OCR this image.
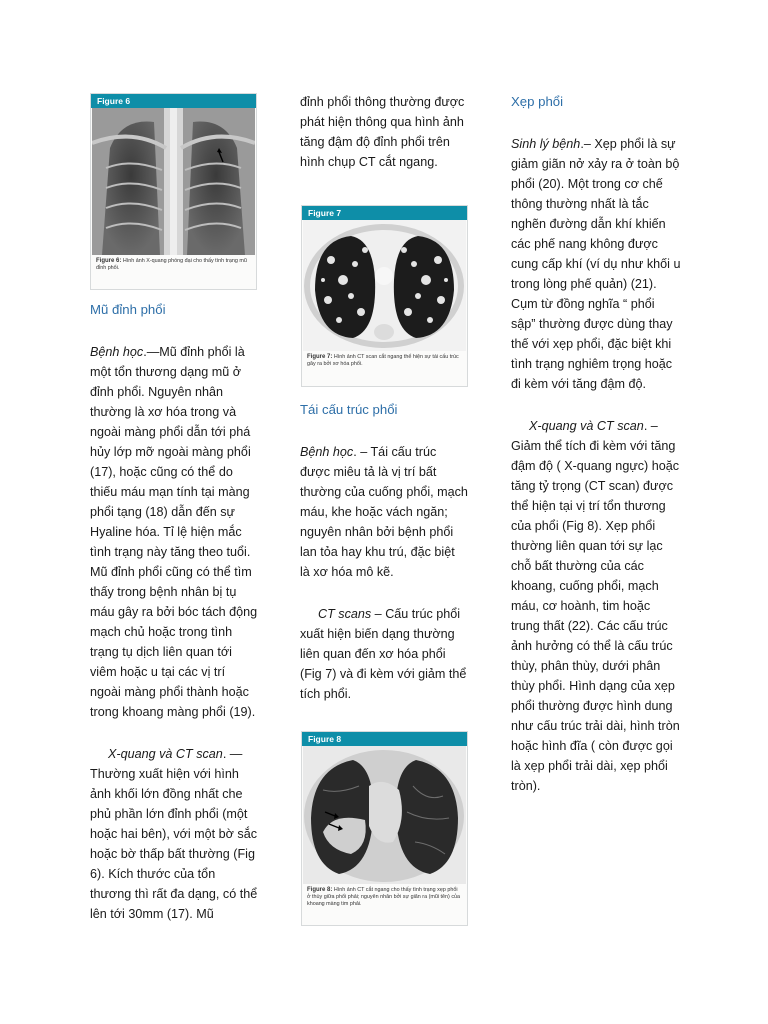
Figure 6
Figure 6: Hình ảnh X-quang phóng đại cho thấy tình trạng mũ đỉnh phổi.
Figure 7
Figure 7: Hình ảnh CT scan cắt ngang thể hiện sự tái cấu trúc gây ra bởi xơ hóa phổi.
Figure 8
Figure 8: Hình ảnh CT cắt ngang cho thấy tình trạng xẹp phổi ở thùy giữa phổi phải; nguyên nhân bởi sự giãn ra (mũi tên) của khoang màng tim phải.

Mũ đỉnh phổi

Bệnh học.—Mũ đỉnh phổi là một tổn thương dạng mũ ở đỉnh phổi. Nguyên nhân thường là xơ hóa trong và ngoài màng phổi dẫn tới phá hủy lớp mỡ ngoài màng phổi (17), hoặc cũng có thể do thiếu máu mạn tính tại màng phổi tạng (18) dẫn đến sự Hyaline hóa. Tỉ lệ hiện mắc tình trạng này tăng theo tuổi. Mũ đỉnh phổi cũng có thể tìm thấy trong bệnh nhân bị tụ máu gây ra bởi bóc tách động mạch chủ hoặc trong tình trạng tụ dịch liên quan tới viêm hoặc u tại các vị trí ngoài màng phổi thành hoặc trong khoang màng phổi (19).

X-quang và CT scan. — Thường xuất hiện với hình ảnh khối lớn đồng nhất che phủ phần lớn đỉnh phổi (một hoặc hai bên), với một bờ sắc hoặc bờ thấp bất thường (Fig 6). Kích thước của tổn thương thì rất đa dạng, có thể lên tới 30mm (17). Mũ

đỉnh phổi thông thường được phát hiện thông qua hình ảnh tăng đậm độ đỉnh phổi trên hình chụp CT cắt ngang.

Tái cấu trúc phổi

Bệnh học. – Tái cấu trúc được miêu tả là vị trí bất thường của cuống phổi, mạch máu, khe hoặc vách ngăn; nguyên nhân bởi bệnh phổi lan tỏa hay khu trú, đặc biệt là xơ hóa mô kẽ.

CT scans – Cấu trúc phổi xuất hiện biến dạng thường liên quan đến xơ hóa phổi (Fig 7) và đi kèm với giảm thể tích phổi.

Xẹp phổi

Sinh lý bệnh.– Xẹp phổi là sự giảm giãn nở xảy ra ở toàn bộ phổi (20). Một trong cơ chế thông thường nhất là tắc nghẽn đường dẫn khí khiến các phế nang không được cung cấp khí (ví dụ như khối u trong lòng phế quản) (21). Cụm từ đồng nghĩa “ phổi sập” thường được dùng thay thế với xẹp phổi, đặc biệt khi tình trạng nghiêm trọng hoặc đi kèm với tăng đậm độ.

X-quang và CT scan. – Giảm thể tích đi kèm với tăng đậm độ ( X-quang ngực) hoặc tăng tỷ trọng (CT scan) được thể hiện tại vị trí tổn thương của phổi (Fig 8). Xẹp phổi thường liên quan tới sự lạc chỗ bất thường của các khoang, cuống phổi, mạch máu, cơ hoành, tim hoặc trung thất (22). Các cấu trúc ảnh hưởng có thể là cấu trúc thùy, phân thùy, dưới phân thùy phổi. Hình dạng của xẹp phổi thường được hình dung như cấu trúc trải dài, hình tròn hoặc hình đĩa ( còn được gọi là xẹp phổi trải dài, xẹp phổi tròn).
